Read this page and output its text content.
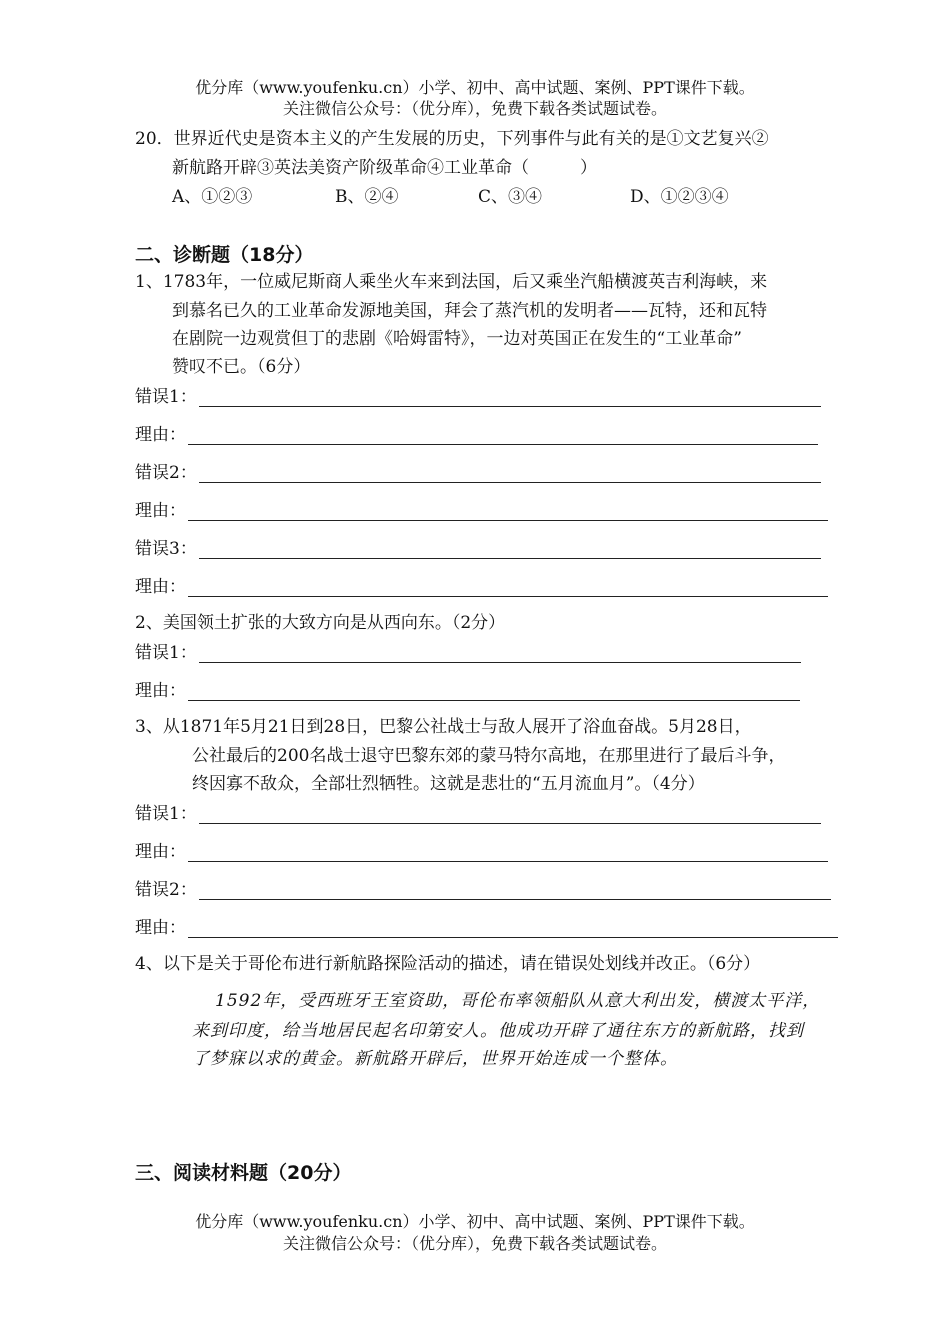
优分库（www.youfenku.cn）小学、初中、高中试题、案例、PPT课件下载。
关注微信公众号：（优分库），免费下载各类试题试卷。
20．世界近代史是资本主义的产生发展的历史，下列事件与此有关的是①文艺复兴②
新航路开辟③英法美资产阶级革命④工业革命（　　　）
A、①②③	B、②④	C、③④	D、①②③④
二、诊断题（18分）
1、1783年，一位威尼斯商人乘坐火车来到法国，后又乘坐汽船横渡英吉利海峡，来
到慕名已久的工业革命发源地美国，拜会了蒸汽机的发明者——瓦特，还和瓦特
在剧院一边观赏但丁的悲剧《哈姆雷特》，一边对英国正在发生的“工业革命”
赞叹不已。（6分）
错误1：
理由：
错误2：
理由：
错误3：
理由：
2、美国领土扩张的大致方向是从西向东。（2分）
错误1：
理由：
3、从1871年5月21日到28日，巴黎公社战士与敌人展开了浴血奋战。5月28日，
公社最后的200名战士退守巴黎东郊的蒙马特尔高地，在那里进行了最后斗争，
终因寡不敌众，全部壮烈牺牲。这就是悲壮的“五月流血月”。（4分）
错误1：
理由：
错误2：
理由：
4、以下是关于哥伦布进行新航路探险活动的描述，请在错误处划线并改正。（6分）
1592年，受西班牙王室资助，哥伦布率领船队从意大利出发，横渡太平洋，
来到印度，给当地居民起名印第安人。他成功开辟了通往东方的新航路，找到
了梦寐以求的黄金。新航路开辟后，世界开始连成一个整体。
三、阅读材料题（20分）
优分库（www.youfenku.cn）小学、初中、高中试题、案例、PPT课件下载。
关注微信公众号：（优分库），免费下载各类试题试卷。
